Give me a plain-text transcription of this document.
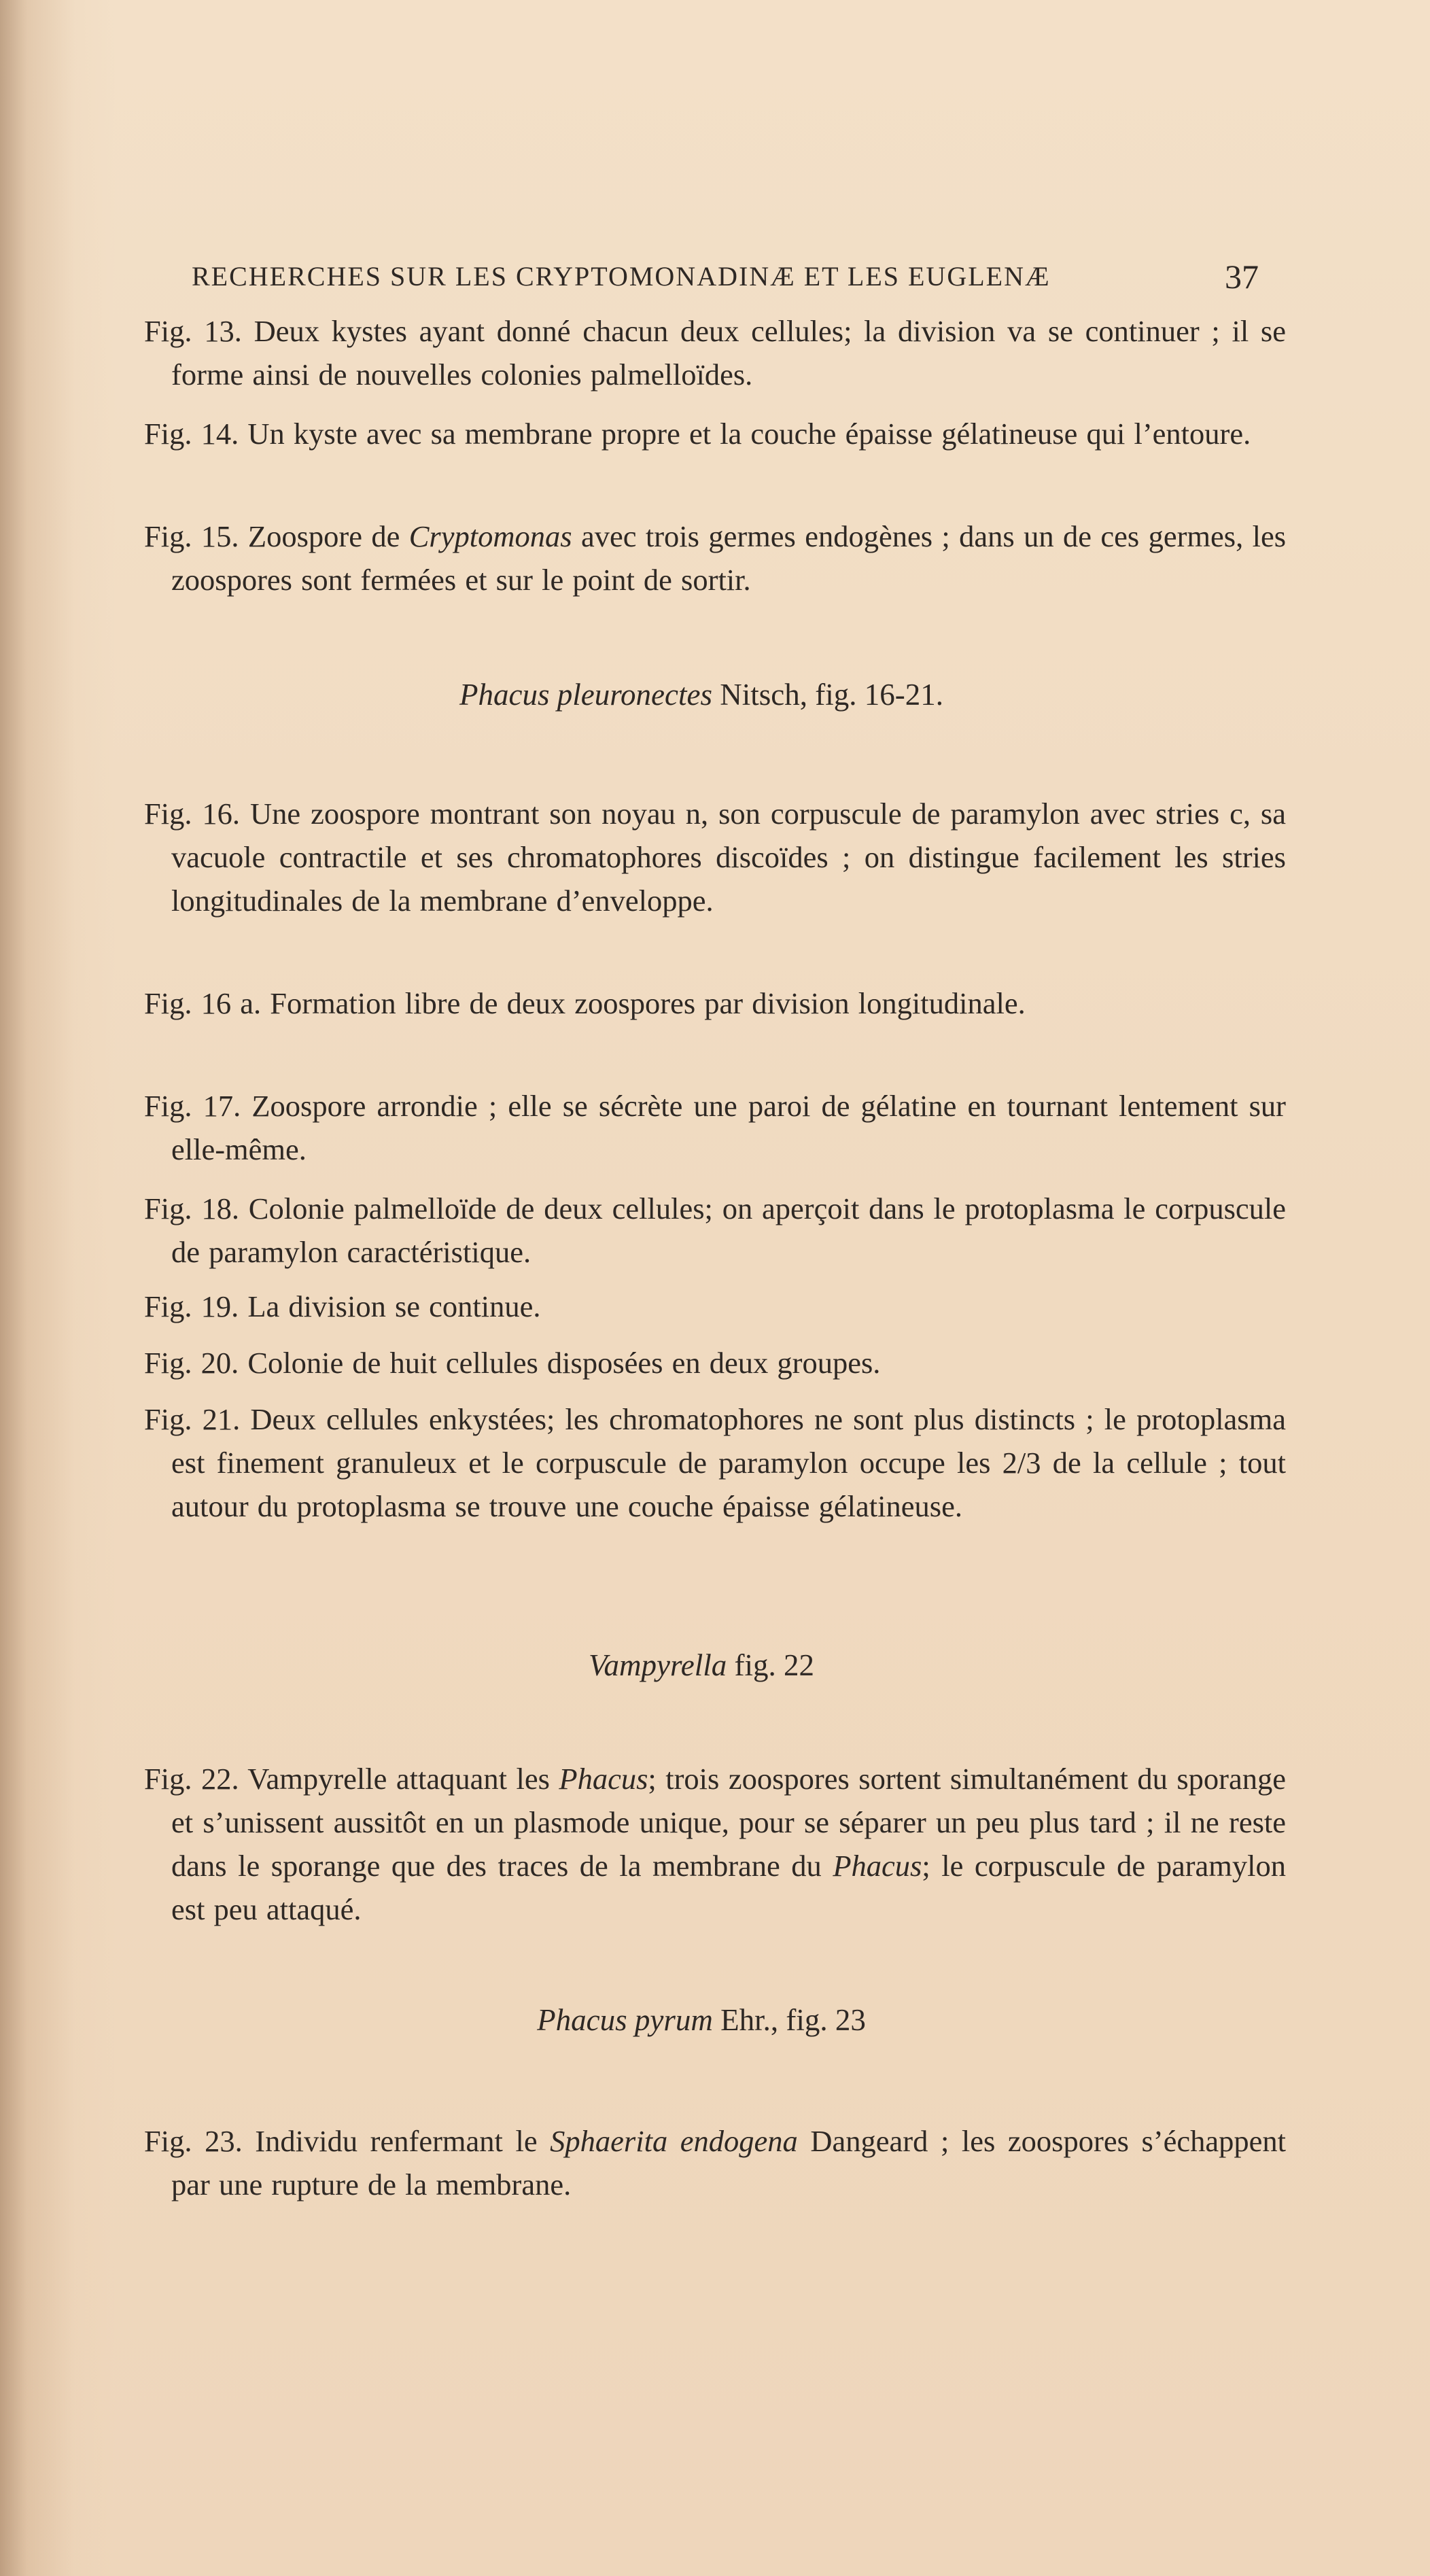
RECHERCHES SUR LES CRYPTOMONADINÆ ET LES EUGLENÆ	37
Fig. 13. Deux kystes ayant donné chacun deux cellules; la division va se continuer ; il se forme ainsi de nouvelles colonies palmelloïdes.
Fig. 14. Un kyste avec sa membrane propre et la couche épaisse gélatineuse qui l’entoure.
Fig. 15. Zoospore de Cryptomonas avec trois germes endogènes ; dans un de ces germes, les zoospores sont fermées et sur le point de sortir.
Phacus pleuronectes Nitsch, fig. 16-21.
Fig. 16. Une zoospore montrant son noyau n, son corpuscule de paramylon avec stries c, sa vacuole contractile et ses chromatophores discoïdes ; on distingue facilement les stries longitudinales de la membrane d’enveloppe.
Fig. 16 a. Formation libre de deux zoospores par division longitudinale.
Fig. 17. Zoospore arrondie ; elle se sécrète une paroi de gélatine en tournant lentement sur elle-même.
Fig. 18. Colonie palmelloïde de deux cellules; on aperçoit dans le protoplasma le corpuscule de paramylon caractéristique.
Fig. 19. La division se continue.
Fig. 20. Colonie de huit cellules disposées en deux groupes.
Fig. 21. Deux cellules enkystées; les chromatophores ne sont plus distincts ; le protoplasma est finement granuleux et le corpuscule de paramylon occupe les 2/3 de la cellule ; tout autour du protoplasma se trouve une couche épaisse gélatineuse.
Vampyrella fig. 22
Fig. 22. Vampyrelle attaquant les Phacus; trois zoospores sortent simultanément du sporange et s’unissent aussitôt en un plasmode unique, pour se séparer un peu plus tard ; il ne reste dans le sporange que des traces de la membrane du Phacus; le corpuscule de paramylon est peu attaqué.
Phacus pyrum Ehr., fig. 23
Fig. 23. Individu renfermant le Sphaerita endogena Dangeard ; les zoospores s’échappent par une rupture de la membrane.
